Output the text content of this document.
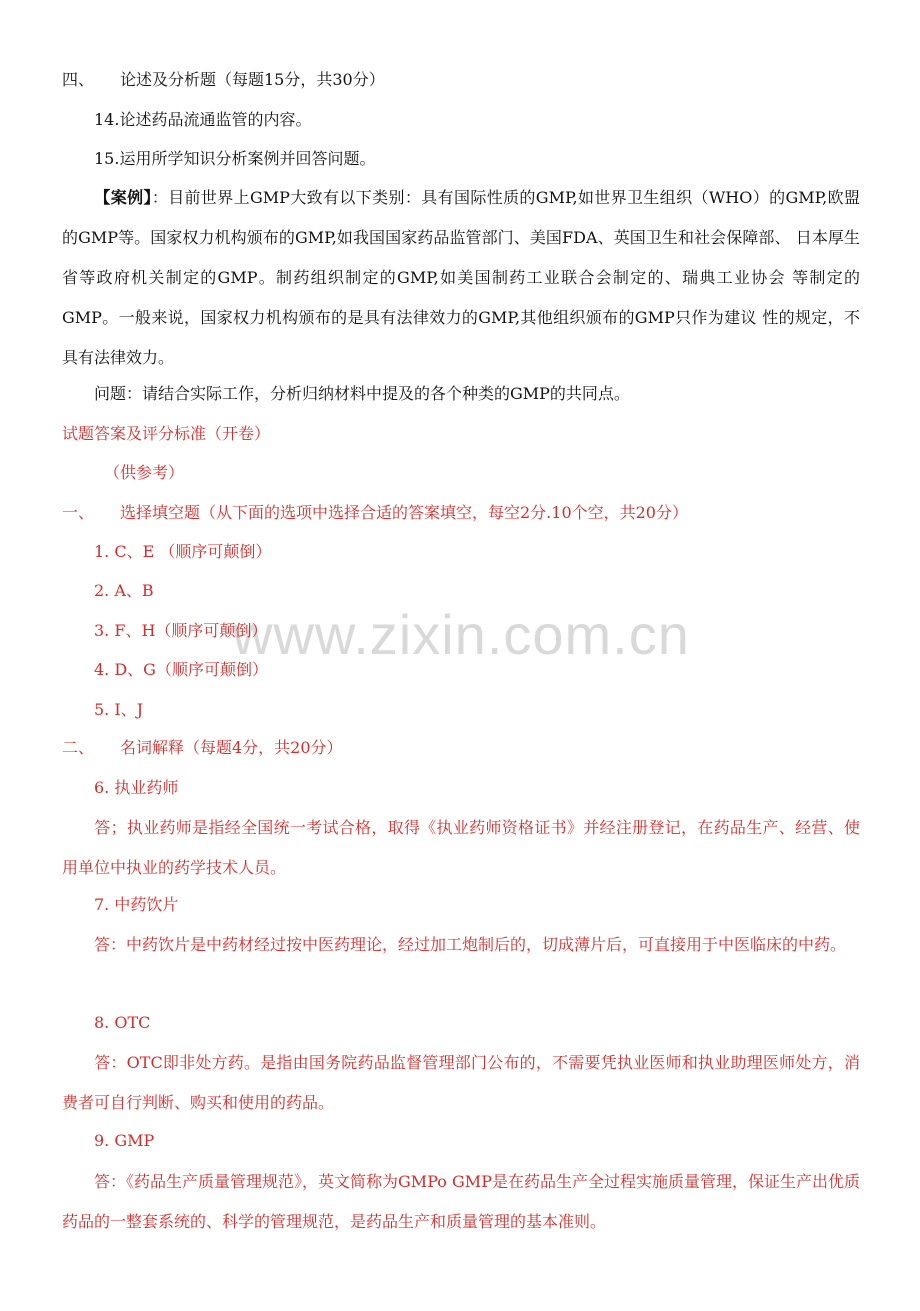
www.zixin.com.cn
四、 论述及分析题（每题15分，共30分）
14.论述药品流通监管的内容。
15.运用所学知识分析案例并回答问题。
【案例】：目前世界上GMP大致有以下类别：具有国际性质的GMP,如世界卫生组织（WHO）的GMP,欧盟的GMP等。国家权力机构颁布的GMP,如我国国家药品监管部门、美国FDA、英国卫生和社会保障部、 日本厚生省等政府机关制定的GMP。制药组织制定的GMP,如美国制药工业联合会制定的、瑞典工业协会 等制定的GMP。一般来说，国家权力机构颁布的是具有法律效力的GMP,其他组织颁布的GMP只作为建议 性的规定，不具有法律效力。
问题：请结合实际工作，分析归纳材料中提及的各个种类的GMP的共同点。
试题答案及评分标准（开卷）
（供参考）
一、 选择填空题（从下面的选项中选择合适的答案填空，每空2分.10个空，共20分）
1. C、E （顺序可颠倒）
2. A、B
3. F、H（顺序可颠倒）
4. D、G（顺序可颠倒）
5. I、J
二、 名词解释（每题4分，共20分）
6. 执业药师
答；执业药师是指经全国统一考试合格，取得《执业药师资格证书》并经注册登记，在药品生产、经营、使用单位中执业的药学技术人员。
7. 中药饮片
答：中药饮片是中药材经过按中医药理论，经过加工炮制后的，切成薄片后，可直接用于中医临床的中药。
8. OTC
答：OTC即非处方药。是指由国务院药品监督管理部门公布的，不需要凭执业医师和执业助理医师处方，消费者可自行判断、购买和使用的药品。
9. GMP
答：《药品生产质量管理规范》，英文简称为GMPo GMP是在药品生产全过程实施质量管理，保证生产出优质药品的一整套系统的、科学的管理规范，是药品生产和质量管理的基本准则。
